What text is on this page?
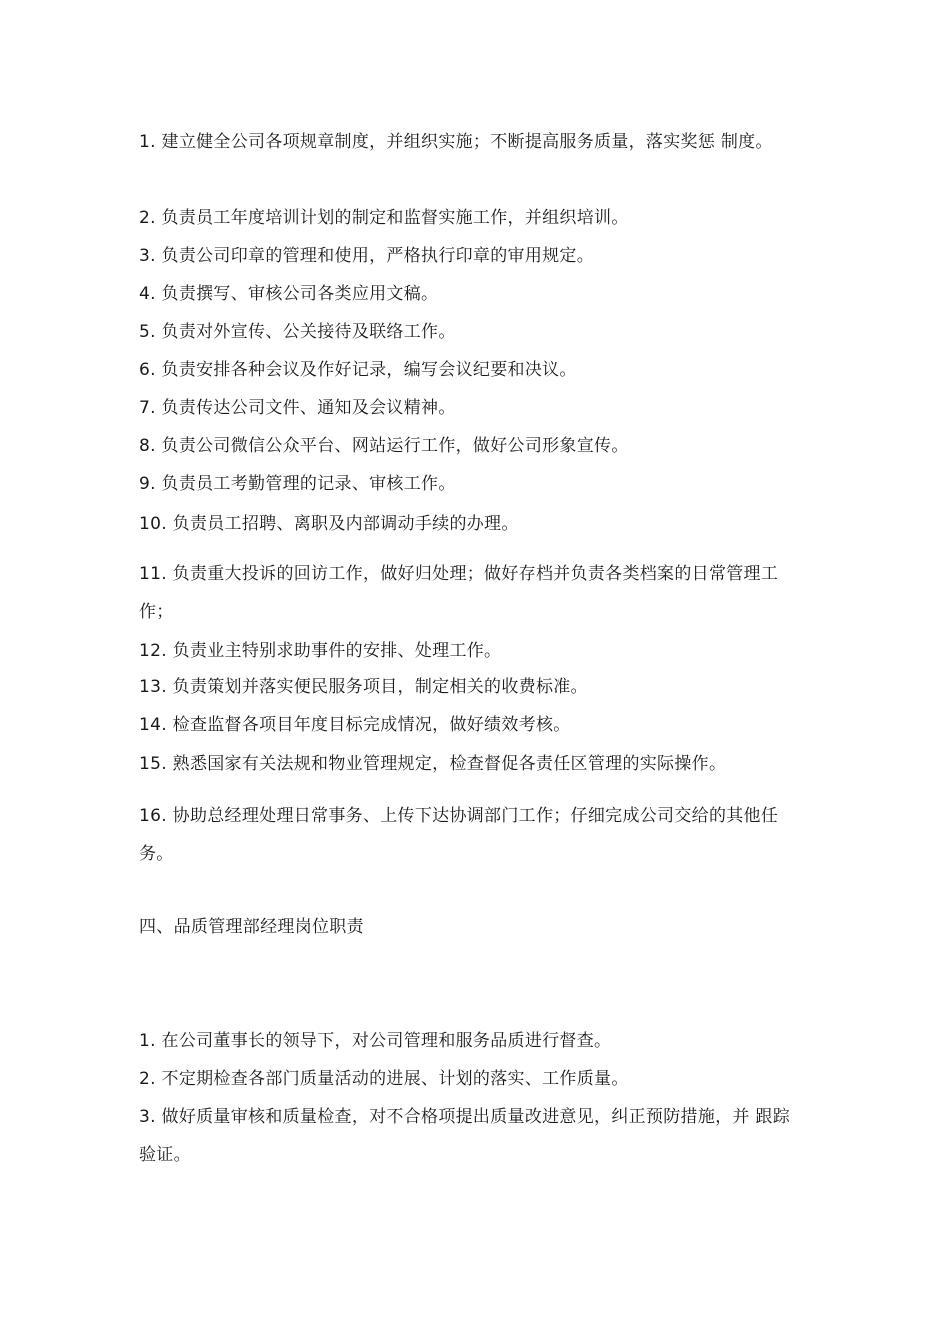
1. 建立健全公司各项规章制度，并组织实施；不断提高服务质量，落实奖惩 制度。
2. 负责员工年度培训计划的制定和监督实施工作，并组织培训。
3. 负责公司印章的管理和使用，严格执行印章的审用规定。
4. 负责撰写、审核公司各类应用文稿。
5. 负责对外宣传、公关接待及联络工作。
6. 负责安排各种会议及作好记录，编写会议纪要和决议。
7. 负责传达公司文件、通知及会议精神。
8. 负责公司微信公众平台、网站运行工作，做好公司形象宣传。
9. 负责员工考勤管理的记录、审核工作。
10. 负责员工招聘、离职及内部调动手续的办理。
11. 负责重大投诉的回访工作，做好归处理；做好存档并负责各类档案的日常管理工作；
12. 负责业主特别求助事件的安排、处理工作。
13. 负责策划并落实便民服务项目，制定相关的收费标准。
14. 检查监督各项目年度目标完成情况，做好绩效考核。
15. 熟悉国家有关法规和物业管理规定，检查督促各责任区管理的实际操作。
16. 协助总经理处理日常事务、上传下达协调部门工作；仔细完成公司交给的其他任务。
四、品质管理部经理岗位职责
1. 在公司董事长的领导下，对公司管理和服务品质进行督查。
2. 不定期检查各部门质量活动的进展、计划的落实、工作质量。
3. 做好质量审核和质量检查，对不合格项提出质量改进意见，纠正预防措施，并 跟踪验证。
